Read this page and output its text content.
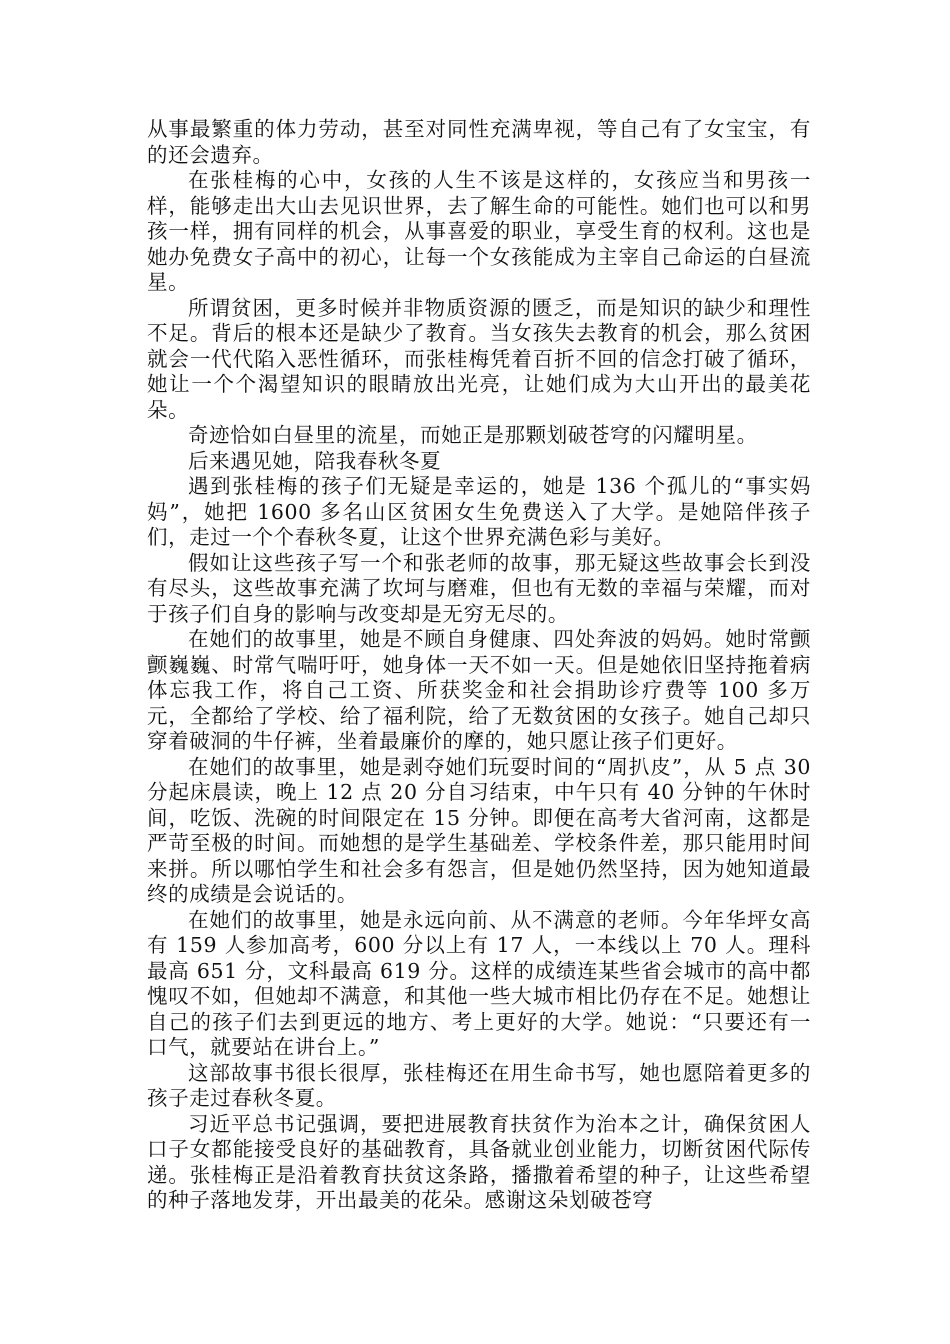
从事最繁重的体力劳动，甚至对同性充满卑视，等自己有了女宝宝，有的还会遗弃。

在张桂梅的心中，女孩的人生不该是这样的，女孩应当和男孩一样，能够走出大山去见识世界，去了解生命的可能性。她们也可以和男孩一样，拥有同样的机会，从事喜爱的职业，享受生育的权利。这也是她办免费女子高中的初心，让每一个女孩能成为主宰自己命运的白昼流星。

所谓贫困，更多时候并非物质资源的匮乏，而是知识的缺少和理性不足。背后的根本还是缺少了教育。当女孩失去教育的机会，那么贫困就会一代代陷入恶性循环，而张桂梅凭着百折不回的信念打破了循环，她让一个个渴望知识的眼睛放出光亮，让她们成为大山开出的最美花朵。

奇迹恰如白昼里的流星，而她正是那颗划破苍穹的闪耀明星。

后来遇见她，陪我春秋冬夏

遇到张桂梅的孩子们无疑是幸运的，她是 136 个孤儿的“事实妈妈”，她把 1600 多名山区贫困女生免费送入了大学。是她陪伴孩子们，走过一个个春秋冬夏，让这个世界充满色彩与美好。

假如让这些孩子写一个和张老师的故事，那无疑这些故事会长到没有尽头，这些故事充满了坎坷与磨难，但也有无数的幸福与荣耀，而对于孩子们自身的影响与改变却是无穷无尽的。

在她们的故事里，她是不顾自身健康、四处奔波的妈妈。她时常颤颤巍巍、时常气喘吁吁，她身体一天不如一天。但是她依旧坚持拖着病体忘我工作，将自己工资、所获奖金和社会捐助诊疗费等 100 多万元，全都给了学校、给了福利院，给了无数贫困的女孩子。她自己却只穿着破洞的牛仔裤，坐着最廉价的摩的，她只愿让孩子们更好。

在她们的故事里，她是剥夺她们玩耍时间的“周扒皮”，从 5 点 30 分起床晨读，晚上 12 点 20 分自习结束，中午只有 40 分钟的午休时间，吃饭、洗碗的时间限定在 15 分钟。即便在高考大省河南，这都是严苛至极的时间。而她想的是学生基础差、学校条件差，那只能用时间来拼。所以哪怕学生和社会多有怨言，但是她仍然坚持，因为她知道最终的成绩是会说话的。

在她们的故事里，她是永远向前、从不满意的老师。今年华坪女高有 159 人参加高考，600 分以上有 17 人，一本线以上 70 人。理科最高 651 分，文科最高 619 分。这样的成绩连某些省会城市的高中都愧叹不如，但她却不满意，和其他一些大城市相比仍存在不足。她想让自己的孩子们去到更远的地方、考上更好的大学。她说：“只要还有一口气，就要站在讲台上。”

这部故事书很长很厚，张桂梅还在用生命书写，她也愿陪着更多的孩子走过春秋冬夏。

习近平总书记强调，要把进展教育扶贫作为治本之计，确保贫困人口子女都能接受良好的基础教育，具备就业创业能力，切断贫困代际传递。张桂梅正是沿着教育扶贫这条路，播撒着希望的种子，让这些希望的种子落地发芽，开出最美的花朵。感谢这朵划破苍穹
